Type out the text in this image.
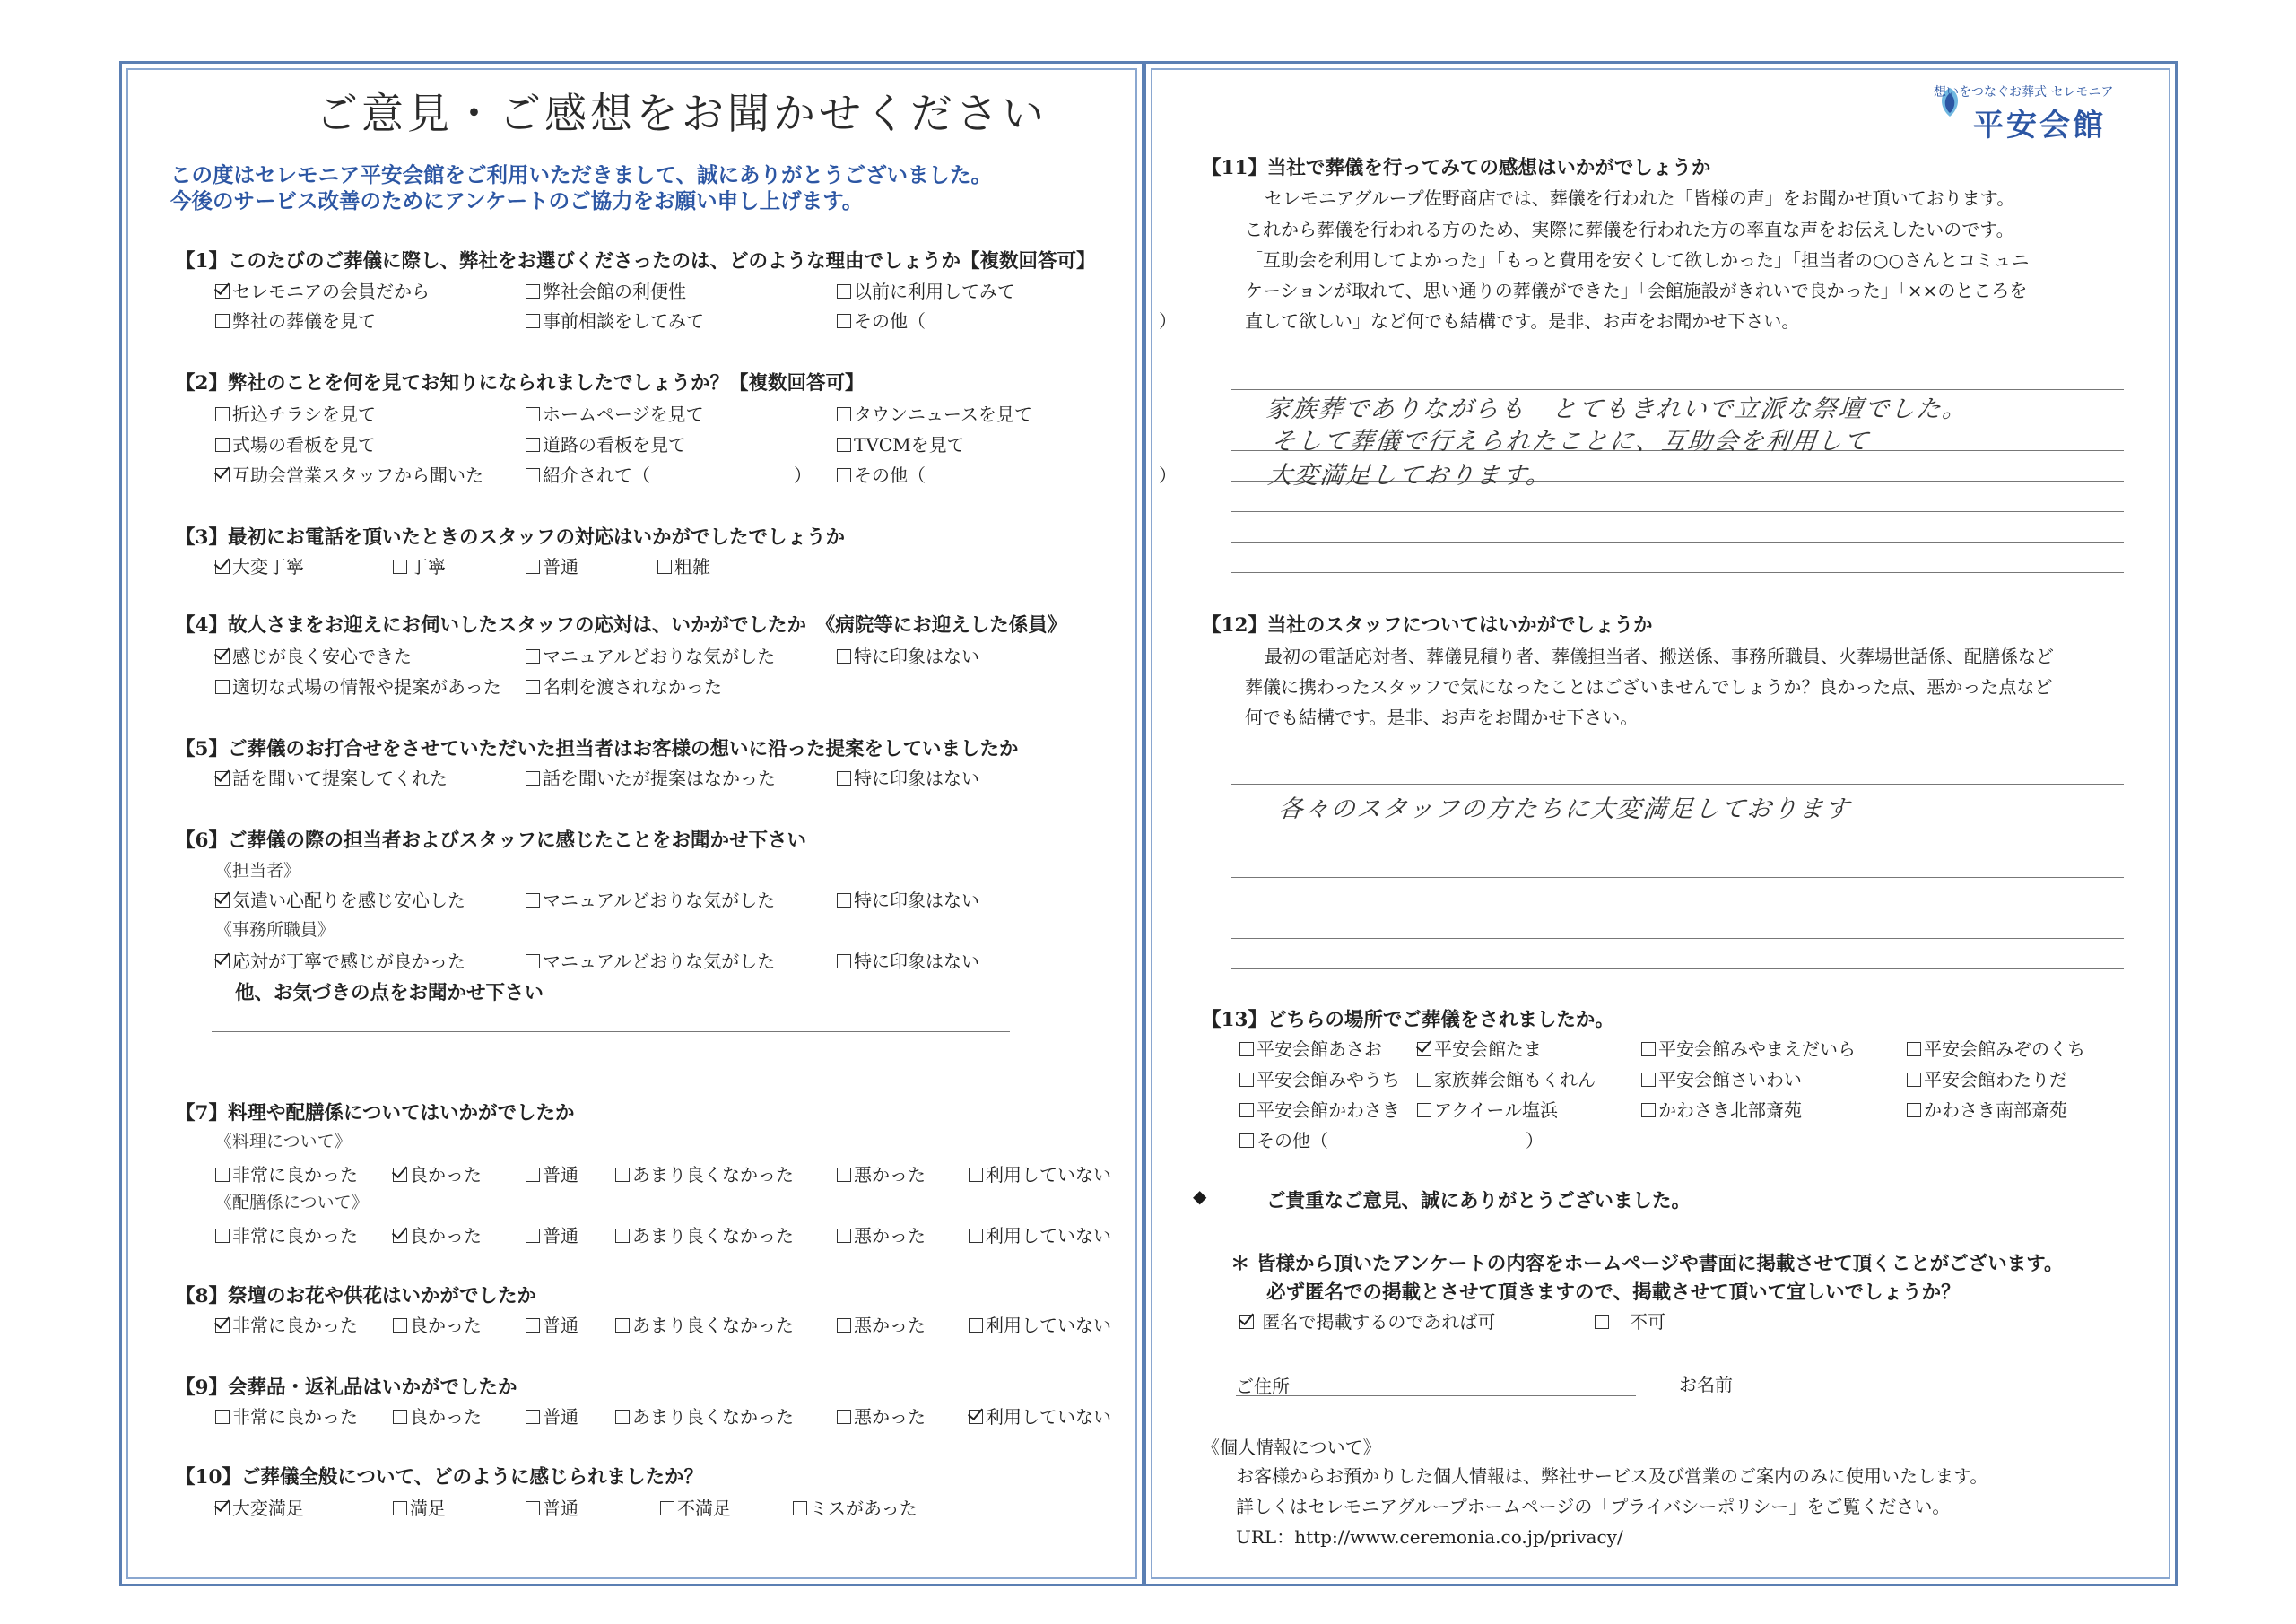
ご意見・ご感想をお聞かせください
この度はセレモニア平安会館をご利用いただきまして、誠にありがとうございました。
今後のサービス改善のためにアンケートのご協力をお願い申し上げます。
【1】このたびのご葬儀に際し、弊社をお選びくださったのは、どのような理由でしょうか【複数回答可】
セレモニアの会員だから	弊社会館の利便性	以前に利用してみて
弊社の葬儀を見て	事前相談をしてみて	その他（　　　　　　　　　　　　　）
【2】弊社のことを何を見てお知りになられましたでしょうか？【複数回答可】
折込チラシを見て	ホームページを見て	タウンニュースを見て
式場の看板を見て	道路の看板を見て	TVCMを見て
互助会営業スタッフから聞いた	紹介されて（　　　　　　　　）	その他（　　　　　　　　　　　　　）
【3】最初にお電話を頂いたときのスタッフの対応はいかがでしたでしょうか
大変丁寧	丁寧	普通	粗雑
【4】故人さまをお迎えにお伺いしたスタッフの応対は、いかがでしたか　《病院等にお迎えした係員》
感じが良く安心できた	マニュアルどおりな気がした	特に印象はない
適切な式場の情報や提案があった	名刺を渡されなかった
【5】ご葬儀のお打合せをさせていただいた担当者はお客様の想いに沿った提案をしていましたか
話を聞いて提案してくれた	話を聞いたが提案はなかった	特に印象はない
【6】ご葬儀の際の担当者およびスタッフに感じたことをお聞かせ下さい
《担当者》
気遣い心配りを感じ安心した	マニュアルどおりな気がした	特に印象はない
《事務所職員》
応対が丁寧で感じが良かった	マニュアルどおりな気がした	特に印象はない
他、お気づきの点をお聞かせ下さい
【7】料理や配膳係についてはいかがでしたか
《料理について》
非常に良かった	良かった	普通	あまり良くなかった	悪かった	利用していない
《配膳係について》
非常に良かった	良かった	普通	あまり良くなかった	悪かった	利用していない
【8】祭壇のお花や供花はいかがでしたか
非常に良かった	良かった	普通	あまり良くなかった	悪かった	利用していない
【9】会葬品・返礼品はいかがでしたか
非常に良かった	良かった	普通	あまり良くなかった	悪かった	利用していない
【10】ご葬儀全般について、どのように感じられましたか？
大変満足	満足	普通	不満足	ミスがあった
想いをつなぐお葬式 セレモニア
平安会館
【11】当社で葬儀を行ってみての感想はいかがでしょうか
セレモニアグループ佐野商店では、葬儀を行われた「皆様の声」をお聞かせ頂いております。
これから葬儀を行われる方のため、実際に葬儀を行われた方の率直な声をお伝えしたいのです。
「互助会を利用してよかった」「もっと費用を安くして欲しかった」「担当者の○○さんとコミュニ
ケーションが取れて、思い通りの葬儀ができた」「会館施設がきれいで良かった」「××のところを
直して欲しい」など何でも結構です。是非、お声をお聞かせ下さい。
家族葬でありながらも　とてもきれいで立派な祭壇でした。
そして葬儀で行えられたことに、互助会を利用して
大変満足しております。
【12】当社のスタッフについてはいかがでしょうか
最初の電話応対者、葬儀見積り者、葬儀担当者、搬送係、事務所職員、火葬場世話係、配膳係など
葬儀に携わったスタッフで気になったことはございませんでしょうか？良かった点、悪かった点など
何でも結構です。是非、お声をお聞かせ下さい。
各々のスタッフの方たちに大変満足しております
【13】どちらの場所でご葬儀をされましたか。
平安会館あさお	平安会館たま	平安会館みやまえだいら	平安会館みぞのくち
平安会館みやうち	家族葬会館もくれん	平安会館さいわい	平安会館わたりだ
平安会館かわさき	アクイール塩浜	かわさき北部斎苑	かわさき南部斎苑
その他（　　　　　　　　　　　）
◆	ご貴重なご意見、誠にありがとうございました。
＊ 皆様から頂いたアンケートの内容をホームページや書面に掲載させて頂くことがございます。
必ず匿名での掲載とさせて頂きますので、掲載させて頂いて宜しいでしょうか？
匿名で掲載するのであれば可
　	不可
ご住所	お名前
《個人情報について》
お客様からお預かりした個人情報は、弊社サービス及び営業のご案内のみに使用いたします。
詳しくはセレモニアグループホームページの「プライバシーポリシー」をご覧ください。
URL：http://www.ceremonia.co.jp/privacy/
